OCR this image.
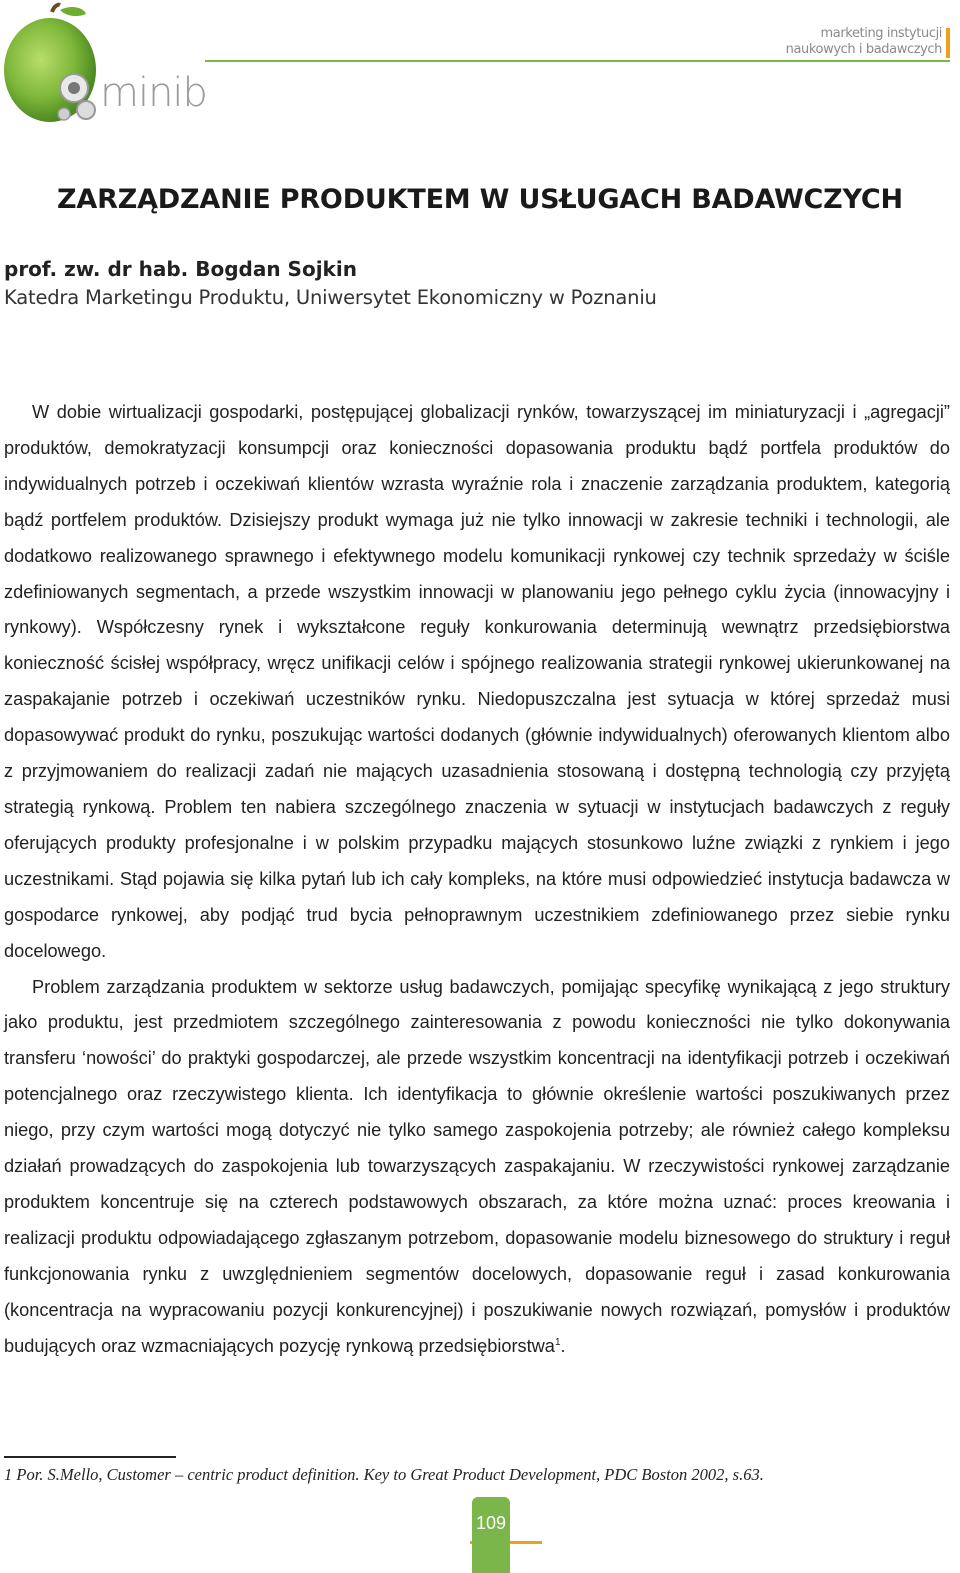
minib
marketing instytucji
naukowych i badawczych
ZARZĄDZANIE PRODUKTEM W USŁUGACH BADAWCZYCH
prof. zw. dr hab. Bogdan Sojkin
Katedra Marketingu Produktu, Uniwersytet Ekonomiczny w Poznaniu

W dobie wirtualizacji gospodarki, postępującej globalizacji rynków, towarzyszącej im miniaturyzacji i „agregacji” produktów, demokratyzacji konsumpcji oraz konieczności dopasowania produktu bądź portfela produktów do indywidualnych potrzeb i oczekiwań klientów wzrasta wyraźnie rola i znaczenie zarządzania produktem, kategorią bądź portfelem produktów. Dzisiejszy produkt wymaga już nie tylko innowacji w zakresie techniki i technologii, ale dodatkowo realizowanego sprawnego i efektywnego modelu komunikacji rynkowej czy technik sprzedaży w ściśle zdefiniowanych segmentach, a przede wszystkim innowacji w planowaniu jego pełnego cyklu życia (innowacyjny i rynkowy). Współczesny rynek i wykształcone reguły konkurowania determinują wewnątrz przedsiębiorstwa konieczność ścisłej współpracy, wręcz unifikacji celów i spójnego realizowania strategii rynkowej ukierunkowanej na zaspakajanie potrzeb i oczekiwań uczestników rynku. Niedopuszczalna jest sytuacja w której sprzedaż musi dopasowywać produkt do rynku, poszukując wartości dodanych (głównie indywidualnych) oferowanych klientom albo z przyjmowaniem do realizacji zadań nie mających uzasadnienia stosowaną i dostępną technologią czy przyjętą strategią rynkową. Problem ten nabiera szczególnego znaczenia w sytuacji w instytucjach badawczych z reguły oferujących produkty profesjonalne i w polskim przypadku mających stosunkowo luźne związki z rynkiem i jego uczestnikami. Stąd pojawia się kilka pytań lub ich cały kompleks, na które musi odpowiedzieć instytucja badawcza w gospodarce rynkowej, aby podjąć trud bycia pełnoprawnym uczestnikiem zdefiniowanego przez siebie rynku docelowego.

Problem zarządzania produktem w sektorze usług badawczych, pomijając specyfikę wynikającą z jego struktury jako produktu, jest przedmiotem szczególnego zainteresowania z powodu konieczności nie tylko dokonywania transferu ‘nowości’ do praktyki gospodarczej, ale przede wszystkim koncentracji na identyfikacji potrzeb i oczekiwań potencjalnego oraz rzeczywistego klienta. Ich identyfikacja to głównie określenie wartości poszukiwanych przez niego, przy czym wartości mogą dotyczyć nie tylko samego zaspokojenia potrzeby; ale również całego kompleksu działań prowadzących do zaspokojenia lub towarzyszących zaspakajaniu. W rzeczywistości rynkowej zarządzanie produktem koncentruje się na czterech podstawowych obszarach, za które można uznać: proces kreowania i realizacji produktu odpowiadającego zgłaszanym potrzebom, dopasowanie modelu biznesowego do struktury i reguł funkcjonowania rynku z uwzględnieniem segmentów docelowych, dopasowanie reguł i zasad konkurowania (koncentracja na wypracowaniu pozycji konkurencyjnej) i poszukiwanie nowych rozwiązań, pomysłów i produktów budujących oraz wzmacniających pozycję rynkową przedsiębiorstwa$^1$.

1 Por. S.Mello, Customer – centric product definition. Key to Great Product Development, PDC Boston 2002, s.63.
109
